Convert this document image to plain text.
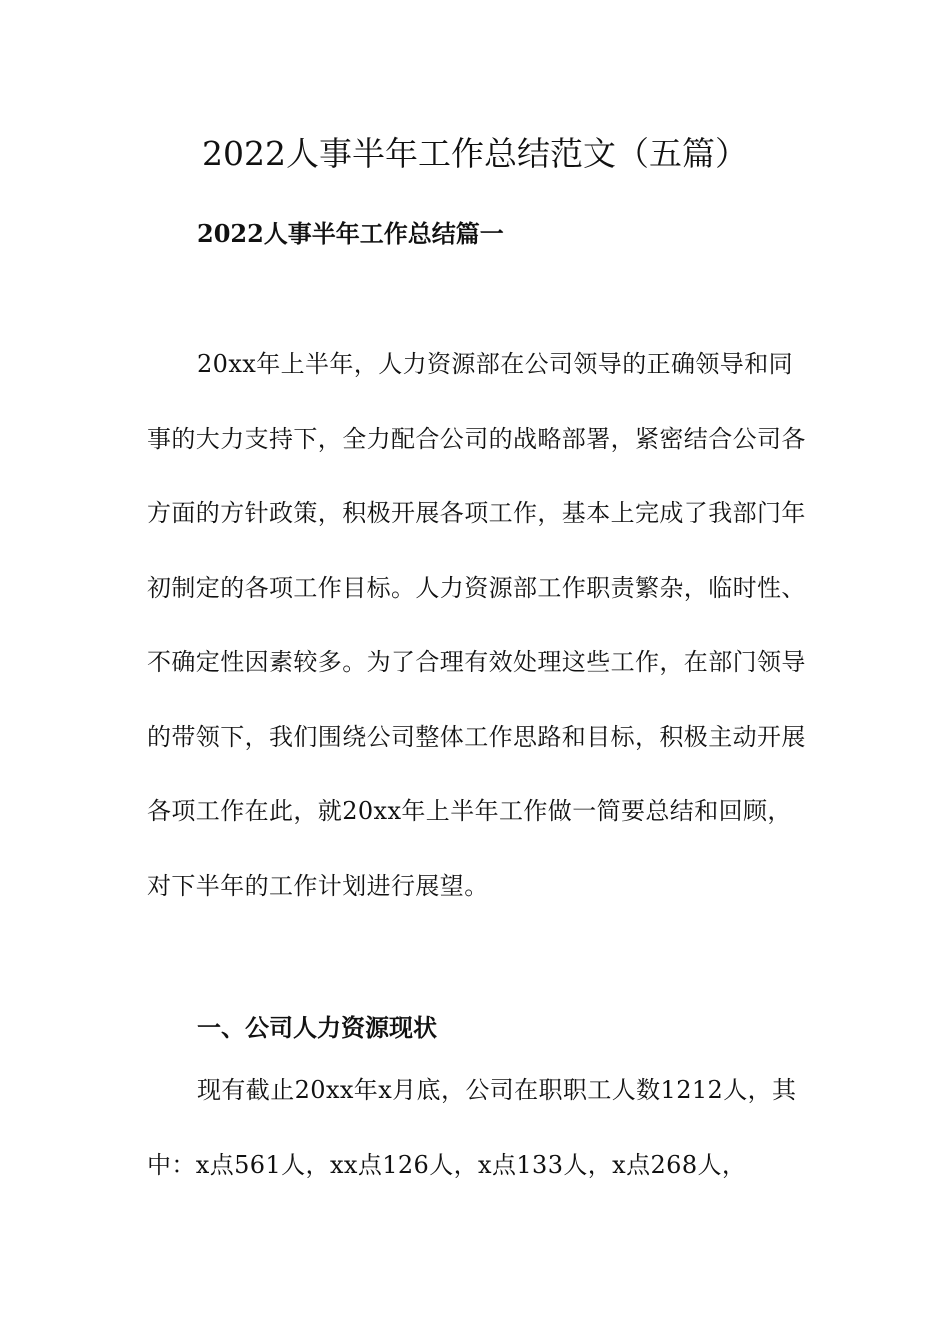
2022人事半年工作总结范文（五篇）
2022人事半年工作总结篇一

20xx年上半年，人力资源部在公司领导的正确领导和同事的大力支持下，全力配合公司的战略部署，紧密结合公司各方面的方针政策，积极开展各项工作，基本上完成了我部门年初制定的各项工作目标。人力资源部工作职责繁杂，临时性、不确定性因素较多。为了合理有效处理这些工作，在部门领导的带领下，我们围绕公司整体工作思路和目标，积极主动开展各项工作在此，就20xx年上半年工作做一简要总结和回顾，对下半年的工作计划进行展望。

一、公司人力资源现状

现有截止20xx年x月底，公司在职职工人数1212人，其中：x点561人，xx点126人，x点133人，x点268人，
